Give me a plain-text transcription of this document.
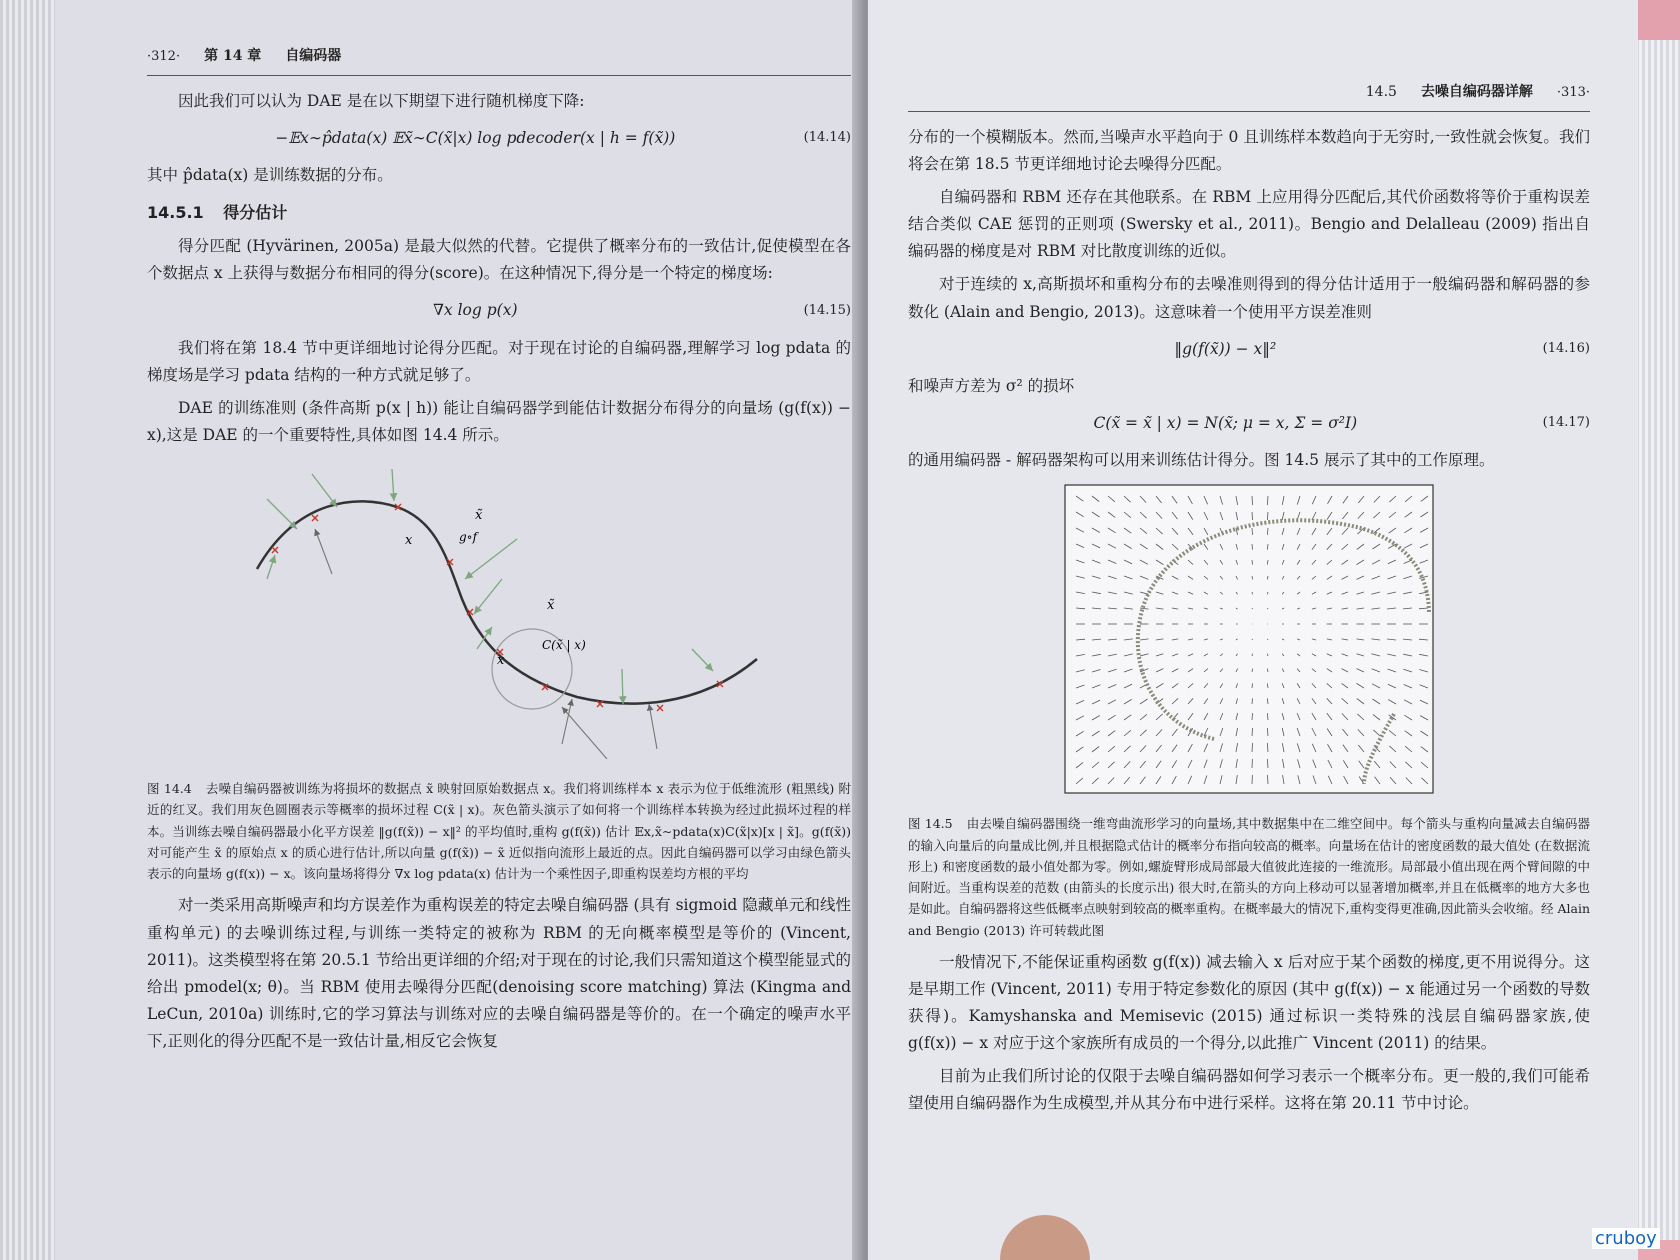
·312· 第 14 章 自编码器

因此我们可以认为 DAE 是在以下期望下进行随机梯度下降:

−𝔼x∼p̂data(x) 𝔼x̃∼C(x̃|x) log pdecoder(x | h = f(x̃))	(14.14)

其中 p̂data(x) 是训练数据的分布。

14.5.1 得分估计

得分匹配 (Hyvärinen, 2005a) 是最大似然的代替。它提供了概率分布的一致估计,促使模型在各个数据点 x 上获得与数据分布相同的得分(score)。在这种情况下,得分是一个特定的梯度场:

∇x log p(x)	(14.15)

我们将在第 18.4 节中更详细地讨论得分匹配。对于现在讨论的自编码器,理解学习 log pdata 的梯度场是学习 pdata 结构的一种方式就足够了。

DAE 的训练准则 (条件高斯 p(x | h)) 能让自编码器学到能估计数据分布得分的向量场 (g(f(x)) − x),这是 DAE 的一个重要特性,具体如图 14.4 所示。

x̃
x	g∘f
x̃
C(x̃ | x)
x
图 14.4 去噪自编码器被训练为将损坏的数据点 x̃ 映射回原始数据点 x。我们将训练样本 x 表示为位于低维流形 (粗黑线) 附近的红叉。我们用灰色圆圈表示等概率的损坏过程 C(x̃ | x)。灰色箭头演示了如何将一个训练样本转换为经过此损坏过程的样本。当训练去噪自编码器最小化平方误差 ‖g(f(x̃)) − x‖² 的平均值时,重构 g(f(x̃)) 估计 𝔼x,x̃∼pdata(x)C(x̃|x)[x | x̃]。g(f(x̃)) 对可能产生 x̃ 的原始点 x 的质心进行估计,所以向量 g(f(x̃)) − x̃ 近似指向流形上最近的点。因此自编码器可以学习由绿色箭头表示的向量场 g(f(x)) − x。该向量场将得分 ∇x log pdata(x) 估计为一个乘性因子,即重构误差均方根的平均

对一类采用高斯噪声和均方误差作为重构误差的特定去噪自编码器 (具有 sigmoid 隐藏单元和线性重构单元) 的去噪训练过程,与训练一类特定的被称为 RBM 的无向概率模型是等价的 (Vincent, 2011)。这类模型将在第 20.5.1 节给出更详细的介绍;对于现在的讨论,我们只需知道这个模型能显式的给出 pmodel(x; θ)。当 RBM 使用去噪得分匹配(denoising score matching) 算法 (Kingma and LeCun, 2010a) 训练时,它的学习算法与训练对应的去噪自编码器是等价的。在一个确定的噪声水平下,正则化的得分匹配不是一致估计量,相反它会恢复

14.5 去噪自编码器详解 ·313·

分布的一个模糊版本。然而,当噪声水平趋向于 0 且训练样本数趋向于无穷时,一致性就会恢复。我们将会在第 18.5 节更详细地讨论去噪得分匹配。

自编码器和 RBM 还存在其他联系。在 RBM 上应用得分匹配后,其代价函数将等价于重构误差结合类似 CAE 惩罚的正则项 (Swersky et al., 2011)。Bengio and Delalleau (2009) 指出自编码器的梯度是对 RBM 对比散度训练的近似。

对于连续的 x,高斯损坏和重构分布的去噪准则得到的得分估计适用于一般编码器和解码器的参数化 (Alain and Bengio, 2013)。这意味着一个使用平方误差准则

‖g(f(x̃)) − x‖²	(14.16)

和噪声方差为 σ² 的损坏

C(x̃ = x̃ | x) = N(x̃; μ = x, Σ = σ²I)	(14.17)

的通用编码器 - 解码器架构可以用来训练估计得分。图 14.5 展示了其中的工作原理。

图 14.5 由去噪自编码器围绕一维弯曲流形学习的向量场,其中数据集中在二维空间中。每个箭头与重构向量减去自编码器的输入向量后的向量成比例,并且根据隐式估计的概率分布指向较高的概率。向量场在估计的密度函数的最大值处 (在数据流形上) 和密度函数的最小值处都为零。例如,螺旋臂形成局部最大值彼此连接的一维流形。局部最小值出现在两个臂间隙的中间附近。当重构误差的范数 (由箭头的长度示出) 很大时,在箭头的方向上移动可以显著增加概率,并且在低概率的地方大多也是如此。自编码器将这些低概率点映射到较高的概率重构。在概率最大的情况下,重构变得更准确,因此箭头会收缩。经 Alain and Bengio (2013) 许可转载此图

一般情况下,不能保证重构函数 g(f(x)) 减去输入 x 后对应于某个函数的梯度,更不用说得分。这是早期工作 (Vincent, 2011) 专用于特定参数化的原因 (其中 g(f(x)) − x 能通过另一个函数的导数获得)。Kamyshanska and Memisevic (2015) 通过标识一类特殊的浅层自编码器家族,使 g(f(x)) − x 对应于这个家族所有成员的一个得分,以此推广 Vincent (2011) 的结果。

目前为止我们所讨论的仅限于去噪自编码器如何学习表示一个概率分布。更一般的,我们可能希望使用自编码器作为生成模型,并从其分布中进行采样。这将在第 20.11 节中讨论。

cruboy
